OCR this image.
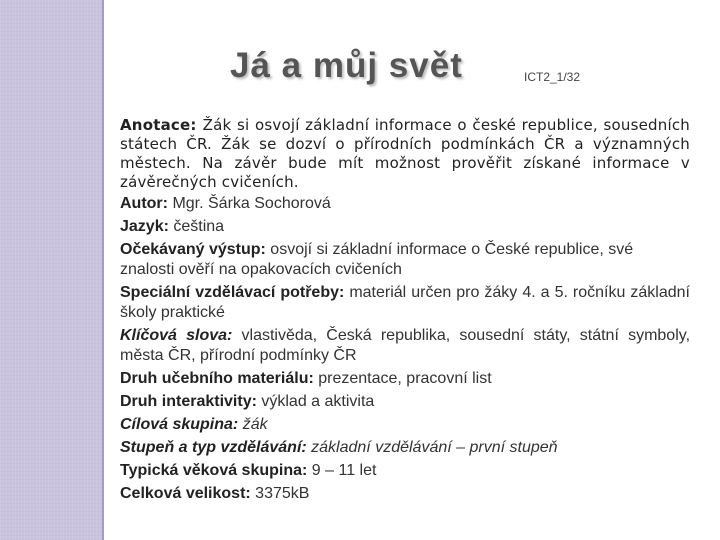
Já a můj svět	ICT2_1/32
Anotace: Žák si osvojí základní informace o české republice, sousedních státech ČR. Žák se dozví o přírodních podmínkách ČR a významných městech. Na závěr bude mít možnost prověřit získané informace v závěrečných cvičeních.
Autor: Mgr. Šárka Sochorová
Jazyk: čeština
Očekávaný výstup: osvojí si základní informace o České republice, své znalosti ověří na opakovacích cvičeních
Speciální vzdělávací potřeby: materiál určen pro žáky 4. a 5. ročníku základní školy praktické
Klíčová slova: vlastivěda, Česká republika, sousední státy, státní symboly, města ČR, přírodní podmínky ČR
Druh učebního materiálu: prezentace, pracovní list
Druh interaktivity: výklad a aktivita
Cílová skupina: žák
Stupeň a typ vzdělávání: základní vzdělávání – první stupeň
Typická věková skupina: 9 – 11 let
Celková velikost: 3375kB
